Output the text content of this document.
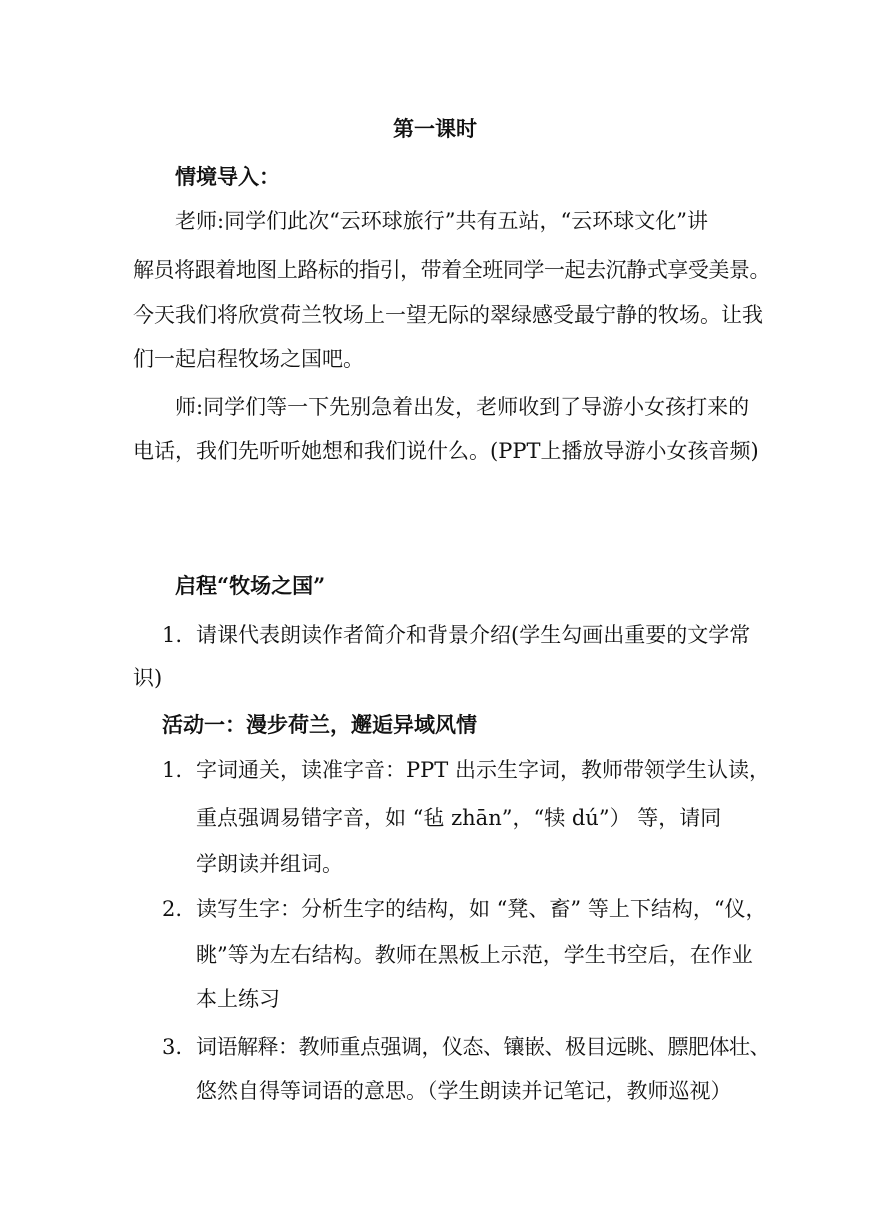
第一课时
情境导入：
老师:同学们此次“云环球旅行”共有五站，“云环球文化”讲
解员将跟着地图上路标的指引，带着全班同学一起去沉静式享受美景。
今天我们将欣赏荷兰牧场上一望无际的翠绿感受最宁静的牧场。让我
们一起启程牧场之国吧。
师:同学们等一下先别急着出发，老师收到了导游小女孩打来的
电话，我们先听听她想和我们说什么。(PPT上播放导游小女孩音频)
启程“牧场之国”
1. 请课代表朗读作者简介和背景介绍(学生勾画出重要的文学常
识)
活动一：漫步荷兰，邂逅异域风情
1. 字词通关，读准字音：PPT 出示生字词，教师带领学生认读，
重点强调易错字音，如 “毡 zhān”，“犊 dú”） 等，请同
学朗读并组词。
2. 读写生字：分析生字的结构，如 “凳、畜” 等上下结构，“仪，
眺”等为左右结构。教师在黑板上示范，学生书空后，在作业
本上练习
3. 词语解释：教师重点强调，仪态、镶嵌、极目远眺、膘肥体壮、
悠然自得等词语的意思。（学生朗读并记笔记，教师巡视）
